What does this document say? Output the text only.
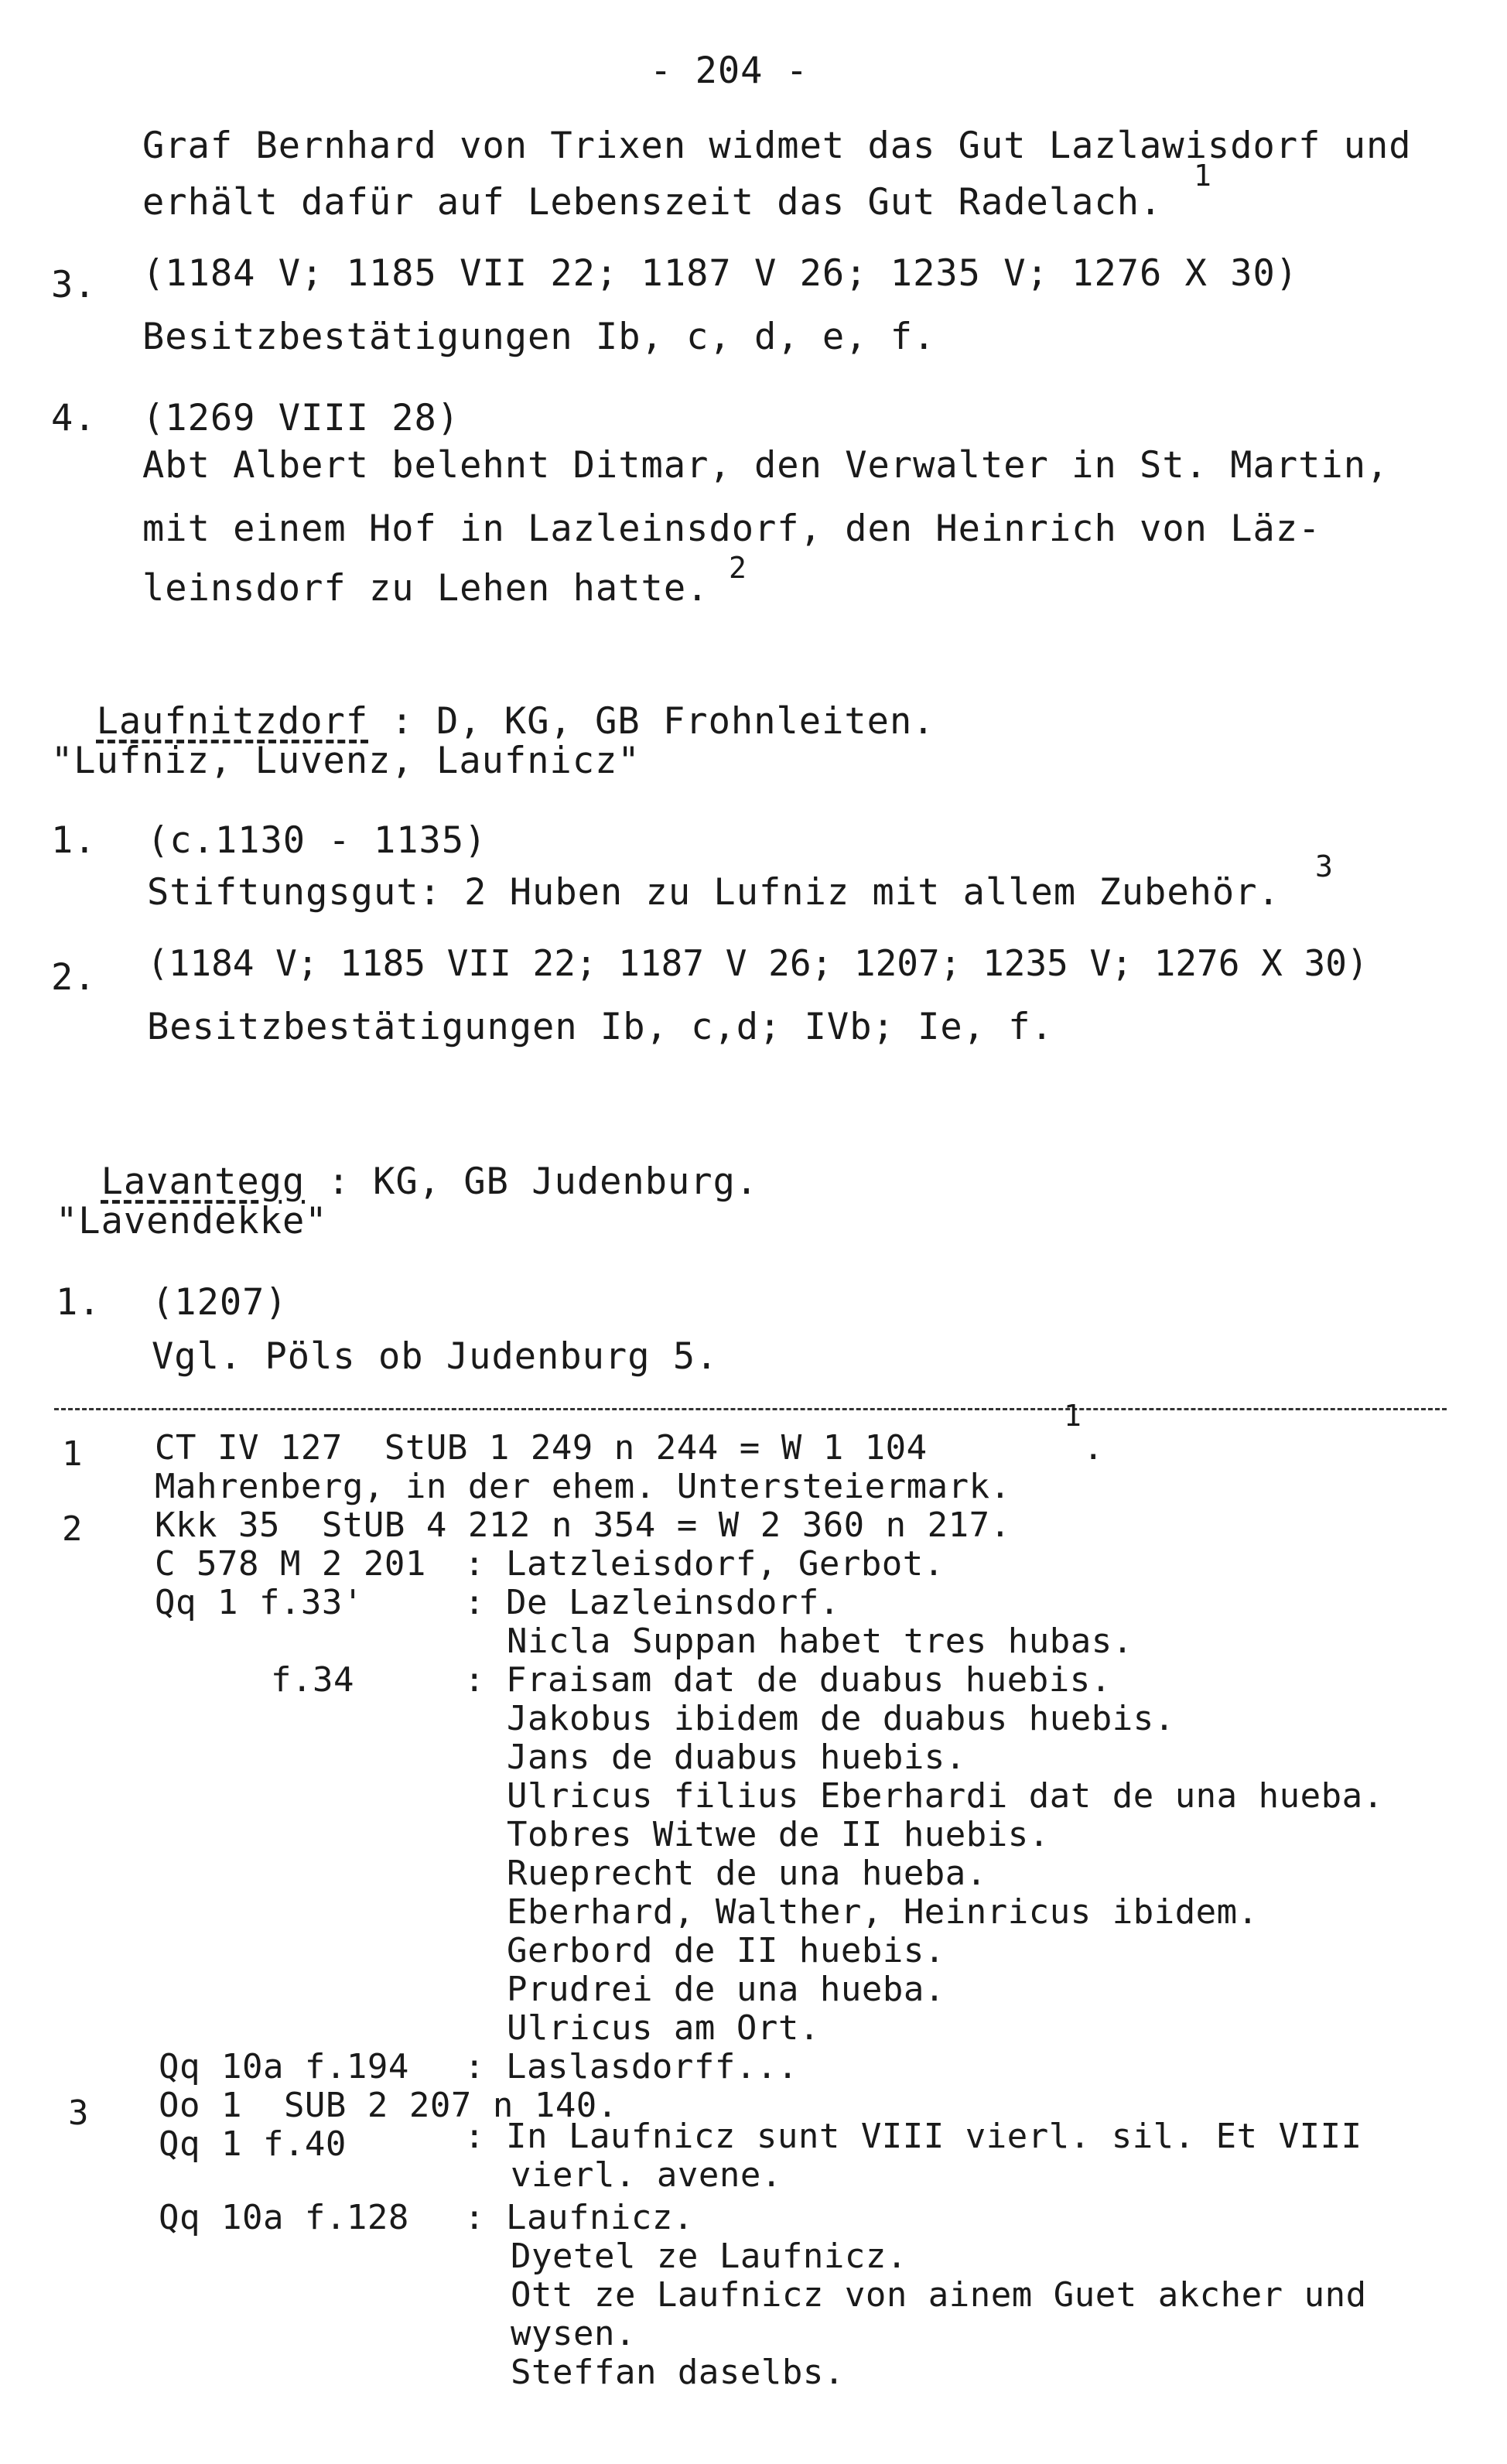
- 204 -
Graf Bernhard von Trixen widmet das Gut Lazlawisdorf und
erhält dafür auf Lebenszeit das Gut Radelach.
1
3. (1184 V; 1185 VII 22; 1187 V 26; 1235 V; 1276 X 30)
Besitzbestätigungen Ib, c, d, e, f.
4. (1269 VIII 28)
Abt Albert belehnt Ditmar, den Verwalter in St. Martin,
mit einem Hof in Lazleinsdorf, den Heinrich von Läz-
leinsdorf zu Lehen hatte. 2

Laufnitzdorf : D, KG, GB Frohnleiten.

"Lufniz, Luvenz, Laufnicz"
1. (c.1130 - 1135)
Stiftungsgut: 2 Huben zu Lufniz mit allem Zubehör.
3
2. (1184 V; 1185 VII 22; 1187 V 26; 1207; 1235 V; 1276 X 30)
Besitzbestätigungen Ib, c,d; IVb; Ie, f.

Lavantegg : KG, GB Judenburg.

"Lavendekke"
1. (1207)
Vgl. Pöls ob Judenburg 5.
1 CT IV 127  StUB 1 249 n 244 = W 1 104
1
.
Mahrenberg, in der ehem. Untersteiermark.
2 Kkk 35  StUB 4 212 n 354 = W 2 360 n 217.
C 578 M 2 201 : Latzleisdorf, Gerbot.
Qq 1 f.33'	: De Lazleinsdorf.
Nicla Suppan habet tres hubas.
f.34	: Fraisam dat de duabus huebis.
Jakobus ibidem de duabus huebis.
Jans de duabus huebis.
Ulricus filius Eberhardi dat de una hueba.
Tobres Witwe de II huebis.
Rueprecht de una hueba.
Eberhard, Walther, Heinricus ibidem.
Gerbord de II huebis.
Prudrei de una hueba.
Ulricus am Ort.
Qq 10a f.194 : Laslasdorff...
3 Oo 1  SUB 2 207 n 140.
Qq 1 f.40	: In Laufnicz sunt VIII vierl. sil. Et VIII
vierl. avene.
Qq 10a f.128 : Laufnicz.
Dyetel ze Laufnicz.
Ott ze Laufnicz von ainem Guet akcher und
wysen.
Steffan daselbs.
